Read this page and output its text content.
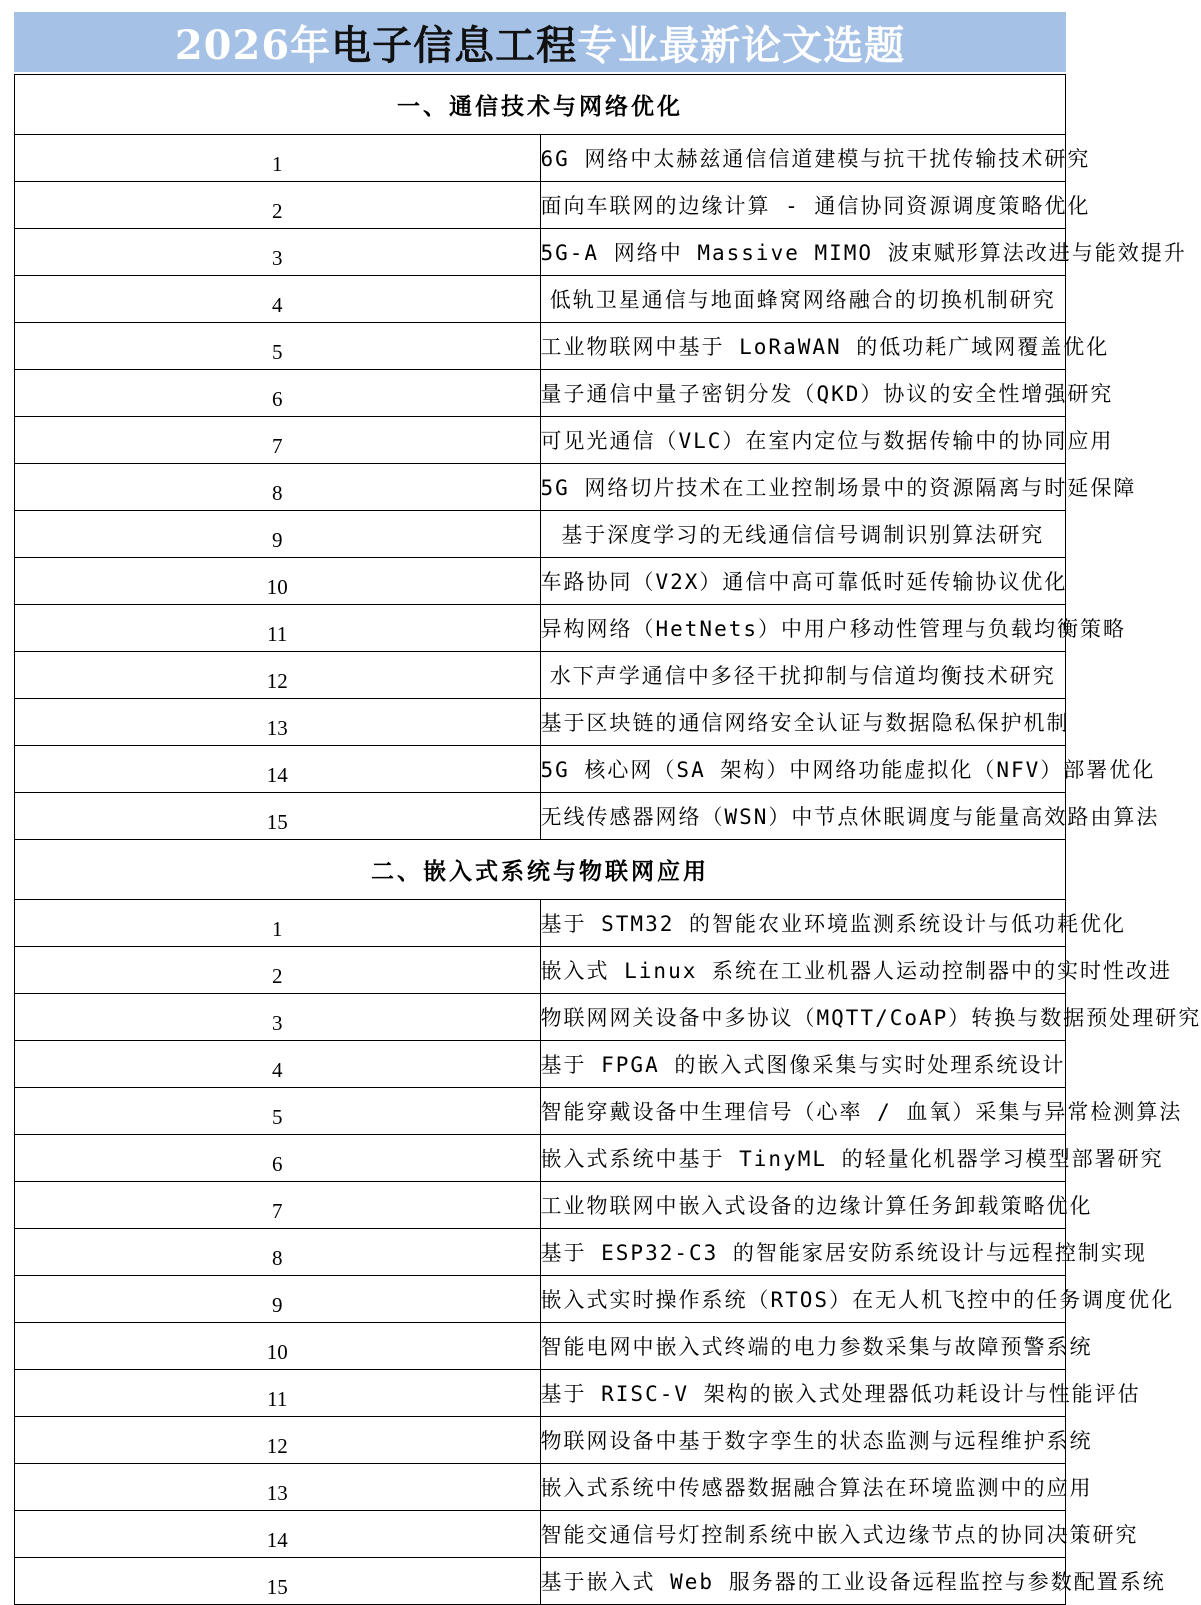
2026年 电子信息工程 专业最新论文选题
一、通信技术与网络优化	
1	6G 网络中太赫兹通信信道建模与抗干扰传输技术研究
2	面向车联网的边缘计算 - 通信协同资源调度策略优化
3	5G-A 网络中 Massive MIMO 波束赋形算法改进与能效提升
4	低轨卫星通信与地面蜂窝网络融合的切换机制研究
5	工业物联网中基于 LoRaWAN 的低功耗广域网覆盖优化
6	量子通信中量子密钥分发（QKD）协议的安全性增强研究
7	可见光通信（VLC）在室内定位与数据传输中的协同应用
8	5G 网络切片技术在工业控制场景中的资源隔离与时延保障
9	基于深度学习的无线通信信号调制识别算法研究
10	车路协同（V2X）通信中高可靠低时延传输协议优化
11	异构网络（HetNets）中用户移动性管理与负载均衡策略
12	水下声学通信中多径干扰抑制与信道均衡技术研究
13	基于区块链的通信网络安全认证与数据隐私保护机制
14	5G 核心网（SA 架构）中网络功能虚拟化（NFV）部署优化
15	无线传感器网络（WSN）中节点休眠调度与能量高效路由算法
二、嵌入式系统与物联网应用	
1	基于 STM32 的智能农业环境监测系统设计与低功耗优化
2	嵌入式 Linux 系统在工业机器人运动控制器中的实时性改进
3	物联网网关设备中多协议（MQTT/CoAP）转换与数据预处理研究
4	基于 FPGA 的嵌入式图像采集与实时处理系统设计
5	智能穿戴设备中生理信号（心率 / 血氧）采集与异常检测算法
6	嵌入式系统中基于 TinyML 的轻量化机器学习模型部署研究
7	工业物联网中嵌入式设备的边缘计算任务卸载策略优化
8	基于 ESP32-C3 的智能家居安防系统设计与远程控制实现
9	嵌入式实时操作系统（RTOS）在无人机飞控中的任务调度优化
10	智能电网中嵌入式终端的电力参数采集与故障预警系统
11	基于 RISC-V 架构的嵌入式处理器低功耗设计与性能评估
12	物联网设备中基于数字孪生的状态监测与远程维护系统
13	嵌入式系统中传感器数据融合算法在环境监测中的应用
14	智能交通信号灯控制系统中嵌入式边缘节点的协同决策研究
15	基于嵌入式 Web 服务器的工业设备远程监控与参数配置系统
